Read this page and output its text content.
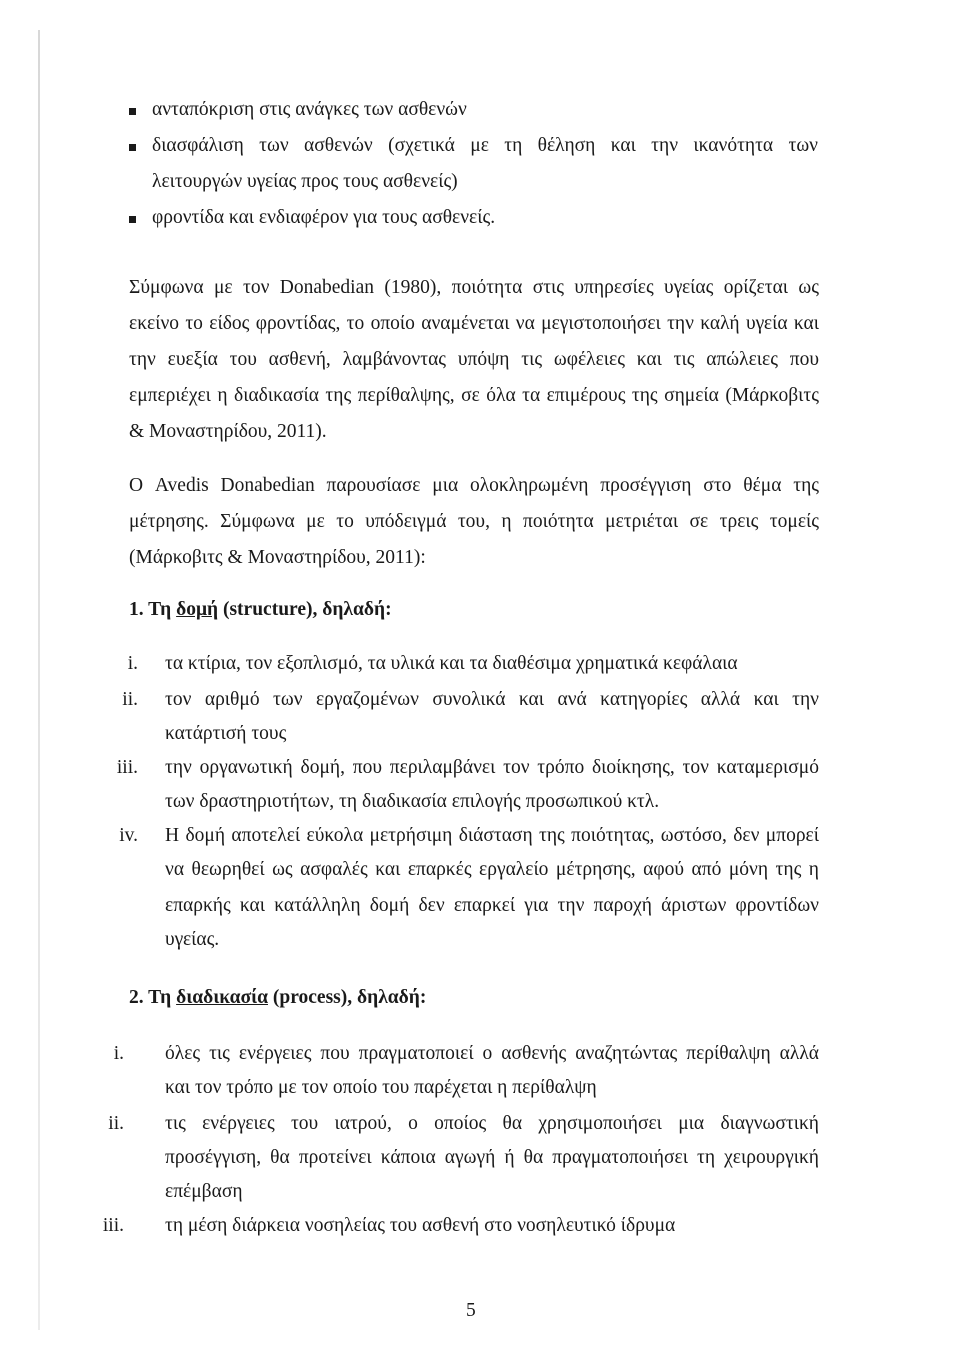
ανταπόκριση στις ανάγκες των ασθενών
διασφάλιση των ασθενών (σχετικά με τη θέληση και την ικανότητα των
λειτουργών υγείας προς τους ασθενείς)
φροντίδα και ενδιαφέρον για τους ασθενείς.
Σύμφωνα με τον Donabedian (1980), ποιότητα στις υπηρεσίες υγείας ορίζεται ως
εκείνο το είδος φροντίδας, το οποίο αναμένεται να μεγιστοποιήσει την καλή υγεία και
την ευεξία του ασθενή, λαμβάνοντας υπόψη τις ωφέλειες και τις απώλειες που
εμπεριέχει η διαδικασία της περίθαλψης, σε όλα τα επιμέρους της σημεία (Μάρκοβιτς
& Μοναστηρίδου, 2011).
Ο Avedis Donabedian παρουσίασε μια ολοκληρωμένη προσέγγιση στο θέμα της
μέτρησης. Σύμφωνα με το υπόδειγμά του, η ποιότητα μετριέται σε τρεις τομείς
(Μάρκοβιτς & Μοναστηρίδου, 2011):
1. Τη δομή (structure), δηλαδή:
i. τα κτίρια, τον εξοπλισμό, τα υλικά και τα διαθέσιμα χρηματικά κεφάλαια
ii. τον αριθμό των εργαζομένων συνολικά και ανά κατηγορίες αλλά και την
κατάρτισή τους
iii. την οργανωτική δομή, που περιλαμβάνει τον τρόπο διοίκησης, τον καταμερισμό
των δραστηριοτήτων, τη διαδικασία επιλογής προσωπικού κτλ.
iv. Η δομή αποτελεί εύκολα μετρήσιμη διάσταση της ποιότητας, ωστόσο, δεν μπορεί
να θεωρηθεί ως ασφαλές και επαρκές εργαλείο μέτρησης, αφού από μόνη της η
επαρκής και κατάλληλη δομή δεν επαρκεί για την παροχή άριστων φροντίδων
υγείας.
2. Τη διαδικασία (process), δηλαδή:
i. όλες τις ενέργειες που πραγματοποιεί ο ασθενής αναζητώντας περίθαλψη αλλά
και τον τρόπο με τον οποίο του παρέχεται η περίθαλψη
ii. τις ενέργειες του ιατρού, ο οποίος θα χρησιμοποιήσει μια διαγνωστική
προσέγγιση, θα προτείνει κάποια αγωγή ή θα πραγματοποιήσει τη χειρουργική
επέμβαση
iii. τη μέση διάρκεια νοσηλείας του ασθενή στο νοσηλευτικό ίδρυμα
5
